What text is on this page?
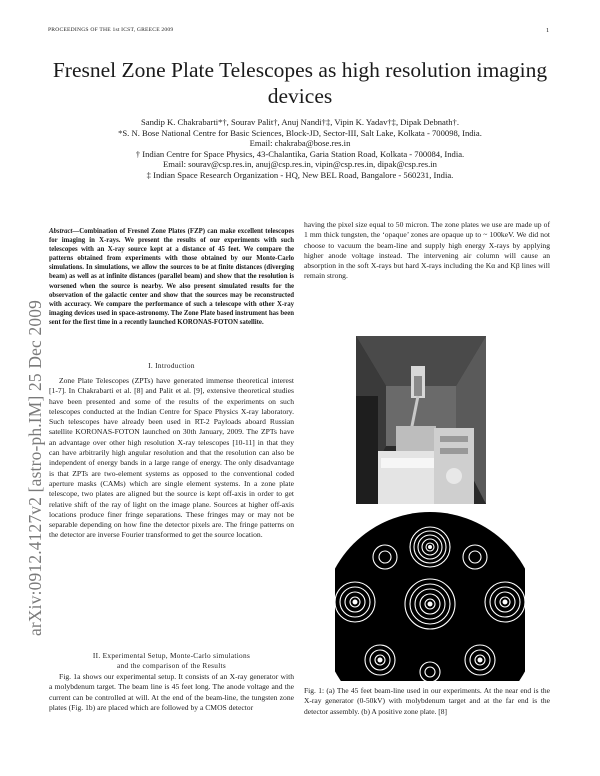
PROCEEDINGS OF THE 1st ICST, GREECE 2009	1
Fresnel Zone Plate Telescopes as high resolution imaging devices
Sandip K. Chakrabarti*†, Sourav Palit†, Anuj Nandi†‡, Vipin K. Yadav†‡, Dipak Debnath†.
*S. N. Bose National Centre for Basic Sciences, Block-JD, Sector-III, Salt Lake, Kolkata - 700098, India.
Email: chakraba@bose.res.in
† Indian Centre for Space Physics, 43-Chalantika, Garia Station Road, Kolkata - 700084, India.
Email: sourav@csp.res.in, anuj@csp.res.in, vipin@csp.res.in, dipak@csp.res.in
‡ Indian Space Research Organization - HQ, New BEL Road, Bangalore - 560231, India.
arXiv:0912.4127v2 [astro-ph.IM] 25 Dec 2009
Abstract—Combination of Fresnel Zone Plates (FZP) can make excellent telescopes for imaging in X-rays. We present the results of our experiments with such telescopes with an X-ray source kept at a distance of 45 feet. We compare the patterns obtained from experiments with those obtained by our Monte-Carlo simulations. In simulations, we allow the sources to be at finite distances (diverging beam) as well as at infinite distances (parallel beam) and show that the resolution is worsened when the source is nearby. We also present simulated results for the observation of the galactic center and show that the sources may be reconstructed with accuracy. We compare the performance of such a telescope with other X-ray imaging devices used in space-astronomy. The Zone Plate based instrument has been sent for the first time in a recently launched KORONAS-FOTON satellite.
I. Introduction
Zone Plate Telescopes (ZPTs) have generated immense theoretical interest [1-7]. In Chakrabarti et al. [8] and Palit et al. [9], extensive theoretical studies have been presented and some of the results of the experiments on such telescopes conducted at the Indian Centre for Space Physics X-ray laboratory. Such telescopes have already been used in RT-2 Payloads aboard Russian satellite KORONAS-FOTON launched on 30th January, 2009. The ZPTs have an advantage over other high resolution X-ray telescopes [10-11] in that they can have arbitrarily high angular resolution and that the resolution can also be independent of energy bands in a large range of energy. The only disadvantage is that ZPTs are two-element systems as opposed to the conventional coded aperture masks (CAMs) which are single element systems. In a zone plate telescope, two plates are aligned but the source is kept off-axis in order to get relative shift of the ray of light on the image plane. Sources at higher off-axis locations produce finer fringe separations. These fringes may or may not be separable depending on how fine the detector pixels are. The fringe patterns on the detector are inverse Fourier transformed to get the source location.
II. Experimental Setup, Monte-Carlo simulations
and the comparison of the Results
Fig. 1a shows our experimental setup. It consists of an X-ray generator with a molybdenum target. The beam line is 45 feet long. The anode voltage and the current can be controlled at will. At the end of the beam-line, the tungsten zone plates (Fig. 1b) are placed which are followed by a CMOS detector
having the pixel size equal to 50 micron. The zone plates we use are made up of 1 mm thick tungsten, the ‘opaque’ zones are opaque up to ~ 100keV. We did not choose to vacuum the beam-line and supply high energy X-rays by applying higher anode voltage instead. The intervening air column will cause an absorption in the soft X-rays but hard X-rays including the Kα and Kβ lines will remain strong.
Fig. 1: (a) The 45 feet beam-line used in our experiments. At the near end is the X-ray generator (0-50kV) with molybdenum target and at the far end is the detector assembly. (b) A positive zone plate. [8]
